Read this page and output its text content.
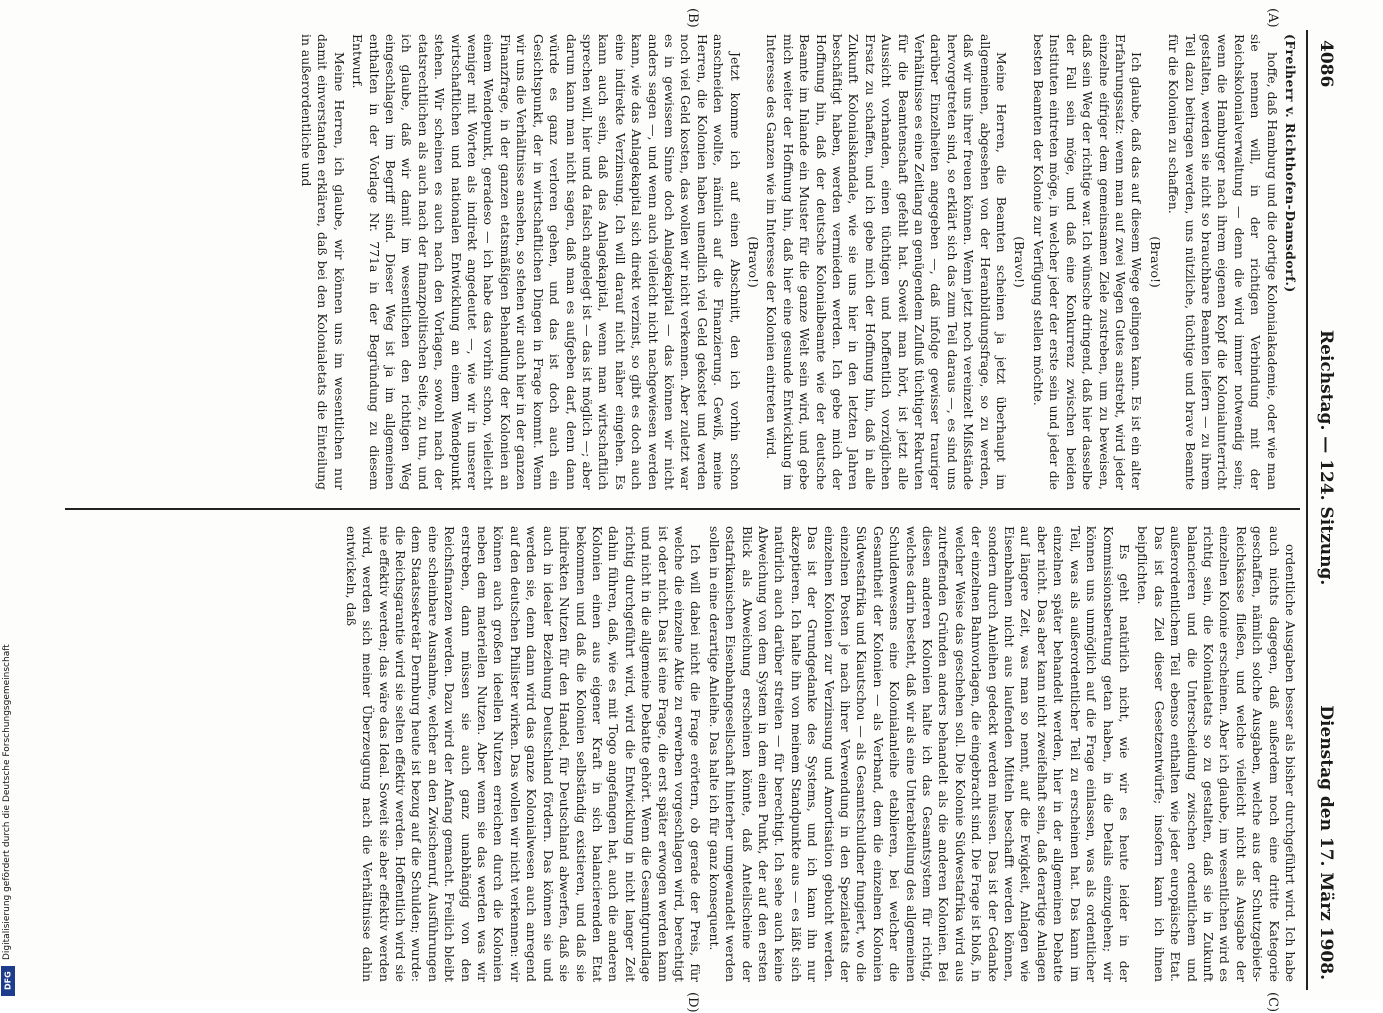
4086
Reichstag. — 124. Sitzung.
Dienstag den 17. März 1908.
(A)
(B)
(C)
(D)

(Freiherr v. Richthofen-Damsdorf.)

hoffe, daß Hamburg und die dortige Kolonialakademie, oder wie man sie nennen will, in der richtigen Verbindung mit der Reichskolonialverwaltung — denn die wird immer notwendig sein; wenn die Hamburger nach ihrem eigenen Kopf die Kolonialunterricht gestalten, werden sie nicht so brauchbare Beamten liefern — zu ihrem Teil dazu beitragen werden, uns nützliche, tüchtige und brave Beamte für die Kolonien zu schaffen.

(Bravo!)

Ich glaube, daß das auf diesem Wege gelingen kann. Es ist ein alter Erfahrungssatz: wenn man auf zwei Wegen Gutes anstrebt, wird jeder einzelne eifriger dem gemeinsamen Ziele zustreben, um zu beweisen, daß sein Weg der richtige war. Ich wünsche dringend, daß hier dasselbe der Fall sein möge, und daß eine Konkurrenz zwischen beiden Instituten eintreten möge, in welcher jeder der erste sein und jeder die besten Beamten der Kolonie zur Verfügung stellen möchte.

(Bravo!)

Meine Herren, die Beamten scheinen ja jetzt überhaupt im allgemeinen, abgesehen von der Heranbildungsfrage, so zu werden, daß wir uns ihrer freuen können. Wenn jetzt noch vereinzelt Mißstände hervorgetreten sind, so erklärt sich das zum Teil daraus —, es sind uns darüber Einzelheiten angegeben —, daß infolge gewisser trauriger Verhältnisse es eine Zeitlang an genügendem Zufluß tüchtiger Rekruten für die Beamtenschaft gefehlt hat. Soweit man hört, ist jetzt alle Aussicht vorhanden, einen tüchtigen und hoffentlich vorzüglichen Ersatz zu schaffen, und ich gebe mich der Hoffnung hin, daß in alle Zukunft Kolonialskandale, wie sie uns hier in den letzten Jahren beschäftigt haben, werden vermieden werden. Ich gebe mich der Hoffnung hin, daß der deutsche Kolonialbeamte wie der deutsche Beamte im Inlande ein Muster für die ganze Welt sein wird, und gebe mich weiter der Hoffnung hin, daß hier eine gesunde Entwicklung im Interesse des Ganzen wie im Interesse der Kolonien eintreten wird.

(Bravo!)

Jetzt komme ich auf einen Abschnitt, den ich vorhin schon anschneiden wollte, nämlich auf die Finanzierung. Gewiß, meine Herren, die Kolonien haben unendlich viel Geld gekostet und werden noch viel Geld kosten, das wollen wir nicht verkennen. Aber zuletzt war es in gewissem Sinne doch Anlagekapital — das können wir nicht anders sagen —, und wenn auch vielleicht nicht nachgewiesen werden kann, wie das Anlagekapital sich direkt verzinst, so gibt es doch auch eine indirekte Verzinsung. Ich will darauf nicht näher eingehen. Es kann auch sein, daß das Anlagekapital, wenn man wirtschaftlich sprechen will, hier und da falsch angelegt ist — das ist möglich —; aber darum kann man nicht sagen, daß man es aufgeben darf, denn dann würde es ganz verloren gehen, und das ist doch auch ein Gesichtspunkt, der in wirtschaftlichen Dingen in Frage kommt. Wenn wir uns die Verhältnisse ansehen, so stehen wir auch hier in der ganzen Finanzfrage, in der ganzen etatsmäßigen Behandlung der Kolonien an einem Wendepunkt, geradeso — ich habe das vorhin schon, vielleicht weniger mit Worten als indirekt angedeutet —, wie wir in unserer wirtschaftlichen und nationalen Entwicklung an einem Wendepunkt stehen. Wir scheinen es auch nach den Vorlagen, sowohl nach der etatsrechtlichen als auch nach der finanzpolitischen Seite, zu tun, und ich glaube, daß wir damit im wesentlichen den richtigen Weg eingeschlagen im Begriff sind. Dieser Weg ist ja im allgemeinen enthalten in der Vorlage Nr. 771a in der Begründung zu diesem Entwurf.

Meine Herren, ich glaube, wir können uns im wesentlichen nur damit einverstanden erklären, daß bei den Kolonialetats die Einteilung in außerordentliche und

ordentliche Ausgaben besser als bisher durchgeführt wird. Ich habe auch nichts dagegen, daß außerdem noch eine dritte Kategorie geschaffen, nämlich solche Ausgaben, welche aus der Schutzgebiets-Reichskasse fließen, und welche vielleicht nicht als Ausgabe der einzelnen Kolonie erscheinen. Aber ich glaube, im wesentlichen wird es richtig sein, die Kolonialetats so zu gestalten, daß sie in Zukunft balancieren und die Unterscheidung zwischen ordentlichem und außerordentlichem Teil ebenso enthalten wie jeder europäische Etat. Das ist das Ziel dieser Gesetzentwürfe; insofern kann ich ihnen beipflichten.

Es geht natürlich nicht, wie wir es heute leider in der Kommissionsberatung getan haben, in die Details einzugehen; wir können uns unmöglich auf die Frage einlassen, was als ordentlicher Teil, was als außerordentlicher Teil zu erscheinen hat. Das kann im einzelnen später behandelt werden, hier in der allgemeinen Debatte aber nicht. Das aber kann nicht zweifelhaft sein, daß derartige Anlagen auf längere Zeit, was man so nennt, auf die Ewigkeit, Anlagen wie Eisenbahnen nicht aus laufenden Mitteln beschafft werden können, sondern durch Anleihen gedeckt werden müssen. Das ist der Gedanke der einzelnen Bahnvorlagen, die eingebracht sind. Die Frage ist bloß, in welcher Weise das geschehen soll. Die Kolonie Südwestafrika wird aus zutreffenden Gründen anders behandelt als die anderen Kolonien. Bei diesen anderen Kolonien halte ich das Gesamtsystem für richtig, welches darin besteht, daß wir als eine Unterabteilung des allgemeinen Schuldenwesens eine Kolonialanleihe etablieren, bei welcher die Gesamtheit der Kolonien — als Verband, dem die einzelnen Kolonien Südwestafrika und Kiautschou — als Gesamtschuldner fungiert, wo die einzelnen Posten je nach ihrer Verwendung in den Spezialetats der einzelnen Kolonien zur Verzinsung und Amortisation gebucht werden. Das ist der Grundgedanke des Systems, und ich kann ihn nur akzeptieren. Ich halte ihn von meinem Standpunkte aus — es läßt sich natürlich auch darüber streiten — für berechtigt. Ich sehe auch keine Abweichung von dem System in dem einen Punkt, der auf den ersten Blick als Abweichung erscheinen könnte, daß Anteilscheine der ostafrikanischen Eisenbahngesellschaft hinterher umgewandelt werden sollen in eine derartige Anleihe. Das halte ich für ganz konsequent.

Ich will dabei nicht die Frage erörtern, ob gerade der Preis, für welche die einzelne Aktie zu erwerben vorgeschlagen wird, berechtigt ist oder nicht. Das ist eine Frage, die erst später erwogen werden kann und nicht in die allgemeine Debatte gehört. Wenn die Gesamtgrundlage richtig durchgeführt wird, wird die Entwicklung in nicht langer Zeit dahin führen, daß, wie es mit Togo angefangen hat, auch die anderen Kolonien einen aus eigener Kraft in sich balancierenden Etat bekommen und daß die Kolonien selbständig existieren, und daß sie indirekten Nutzen für den Handel, für Deutschland abwerfen, daß sie auch in idealer Beziehung Deutschland fördern. Das können sie und werden sie, denn dann wird das ganze Kolonialwesen auch anregend auf den deutschen Philister wirken. Das wollen wir nicht verkennen: wir können auch großen ideellen Nutzen erreichen durch die Kolonien neben dem materiellen Nutzen. Aber wenn sie das werden was wir erstreben, dann müssen sie auch ganz unabhängig von den Reichsfinanzen werden. Dazu wird der Anfang gemacht. Freilich bleibt eine scheinbare Ausnahme, welcher an den Zwischenruf, Ausführungen dem Staatssekretär Dernburg heute ist bezug auf die Schulden; wurde: die Reichsgarantie wird sie selten effektiv werden. Hoffentlich wird sie nie effektiv werden; das wäre das Ideal. Soweit sie aber effektiv werden wird, werden sich meiner Überzeugung nach die Verhältnisse dahin entwickeln, daß

Digitalisierung gefördert durch die Deutsche Forschungsgemeinschaft
DFG
